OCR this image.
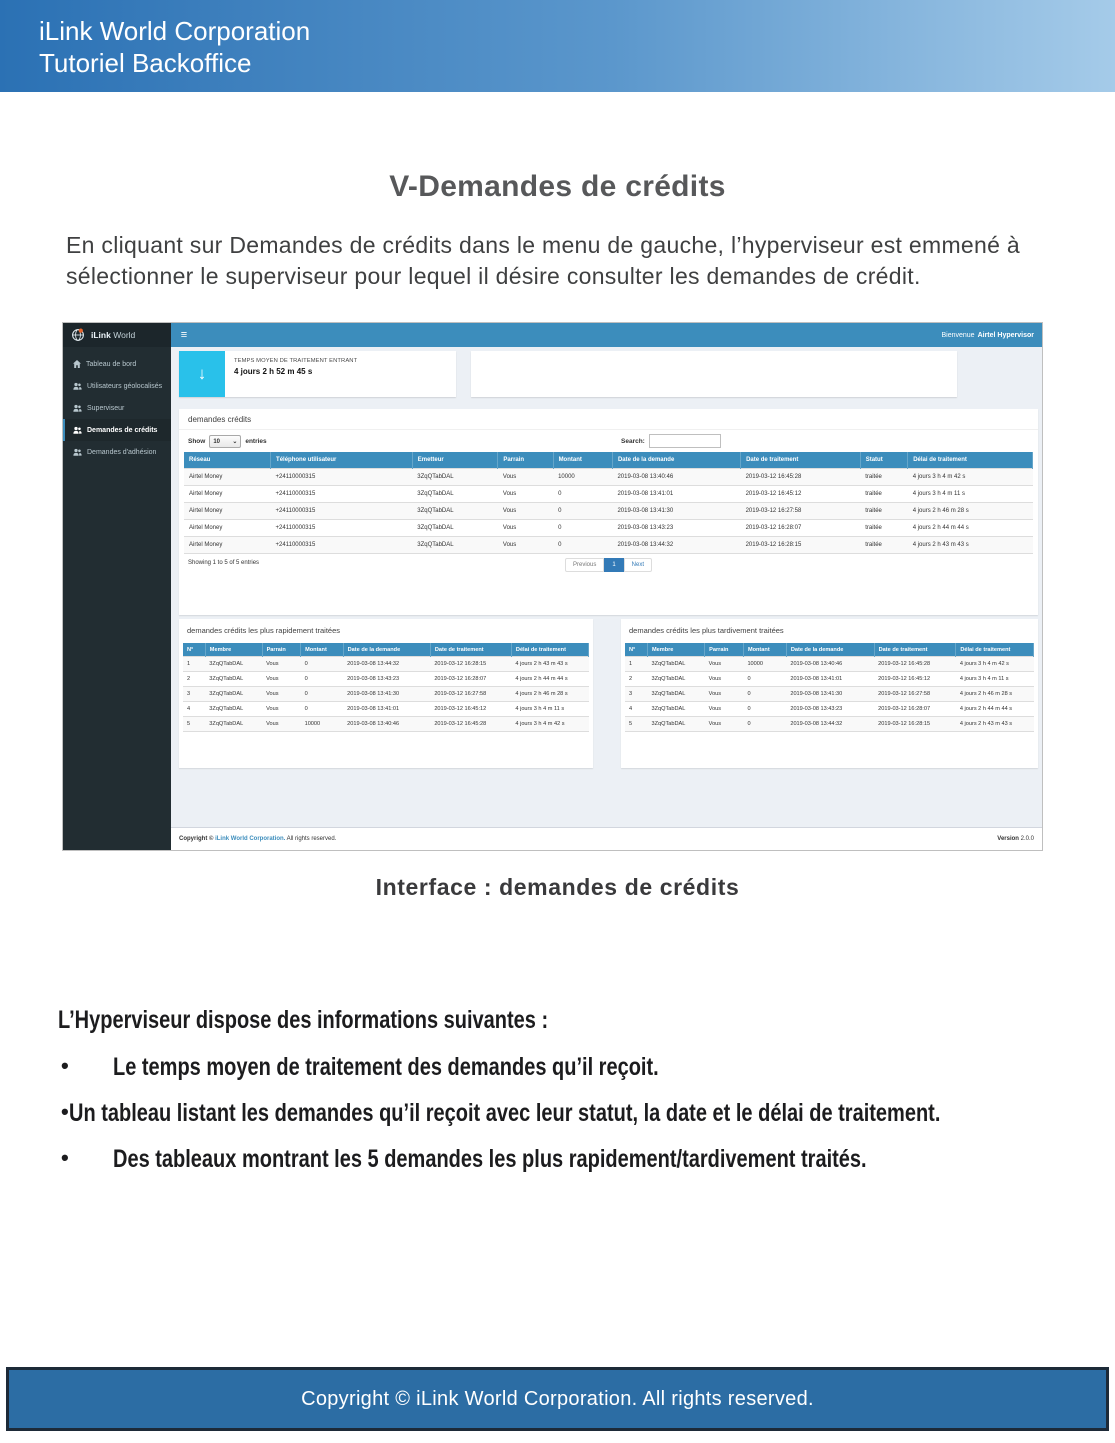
iLink World Corporation
Tutoriel Backoffice
V-Demandes de crédits

En cliquant sur Demandes de crédits dans le menu de gauche, l’hyperviseur est emmené à sélectionner le superviseur pour lequel il désire consulter les demandes de crédit.

iLink World	≡	Bienvenue Airtel Hypervisor
Tableau de bord
Utilisateurs géolocalisés
Superviseur
Demandes de crédits
Demandes d'adhésion
↓
TEMPS MOYEN DE TRAITEMENT ENTRANT
4 jours 2 h 52 m 45 s
demandes crédits
Show 10 ⌄ entries	Search:
Réseau	Téléphone utilisateur	Emetteur	Parrain	Montant	Date de la demande	Date de traitement	Statut	Délai de traitement
Airtel Money	+24110000315	3ZqQTabDAL	Vous	10000	2019-03-08 13:40:46	2019-03-12 16:45:28	traitée	4 jours 3 h 4 m 42 s
Airtel Money	+24110000315	3ZqQTabDAL	Vous	0	2019-03-08 13:41:01	2019-03-12 16:45:12	traitée	4 jours 3 h 4 m 11 s
Airtel Money	+24110000315	3ZqQTabDAL	Vous	0	2019-03-08 13:41:30	2019-03-12 16:27:58	traitée	4 jours 2 h 46 m 28 s
Airtel Money	+24110000315	3ZqQTabDAL	Vous	0	2019-03-08 13:43:23	2019-03-12 16:28:07	traitée	4 jours 2 h 44 m 44 s
Airtel Money	+24110000315	3ZqQTabDAL	Vous	0	2019-03-08 13:44:32	2019-03-12 16:28:15	traitée	4 jours 2 h 43 m 43 s
Showing 1 to 5 of 5 entries	Previous	1	Next
demandes crédits les plus rapidement traitées
N°	Membre	Parrain	Montant	Date de la demande	Date de traitement	Délai de traitement
1	3ZqQTabDAL	Vous	0	2019-03-08 13:44:32	2019-03-12 16:28:15	4 jours 2 h 43 m 43 s
2	3ZqQTabDAL	Vous	0	2019-03-08 13:43:23	2019-03-12 16:28:07	4 jours 2 h 44 m 44 s
3	3ZqQTabDAL	Vous	0	2019-03-08 13:41:30	2019-03-12 16:27:58	4 jours 2 h 46 m 28 s
4	3ZqQTabDAL	Vous	0	2019-03-08 13:41:01	2019-03-12 16:45:12	4 jours 3 h 4 m 11 s
5	3ZqQTabDAL	Vous	10000	2019-03-08 13:40:46	2019-03-12 16:45:28	4 jours 3 h 4 m 42 s
demandes crédits les plus tardivement traitées
N°	Membre	Parrain	Montant	Date de la demande	Date de traitement	Délai de traitement
1	3ZqQTabDAL	Vous	10000	2019-03-08 13:40:46	2019-03-12 16:45:28	4 jours 3 h 4 m 42 s
2	3ZqQTabDAL	Vous	0	2019-03-08 13:41:01	2019-03-12 16:45:12	4 jours 3 h 4 m 11 s
3	3ZqQTabDAL	Vous	0	2019-03-08 13:41:30	2019-03-12 16:27:58	4 jours 2 h 46 m 28 s
4	3ZqQTabDAL	Vous	0	2019-03-08 13:43:23	2019-03-12 16:28:07	4 jours 2 h 44 m 44 s
5	3ZqQTabDAL	Vous	0	2019-03-08 13:44:32	2019-03-12 16:28:15	4 jours 2 h 43 m 43 s
Copyright © iLink World Corporation. All rights reserved.	Version 2.0.0
Interface : demandes de crédits
L’Hyperviseur dispose des informations suivantes :
•	Le temps moyen de traitement des demandes qu’il reçoit.
• Un tableau listant les demandes qu’il reçoit avec leur statut, la date et le délai de traitement.
•	Des tableaux montrant les 5 demandes les plus rapidement/tardivement traités.
Copyright © iLink World Corporation. All rights reserved.
